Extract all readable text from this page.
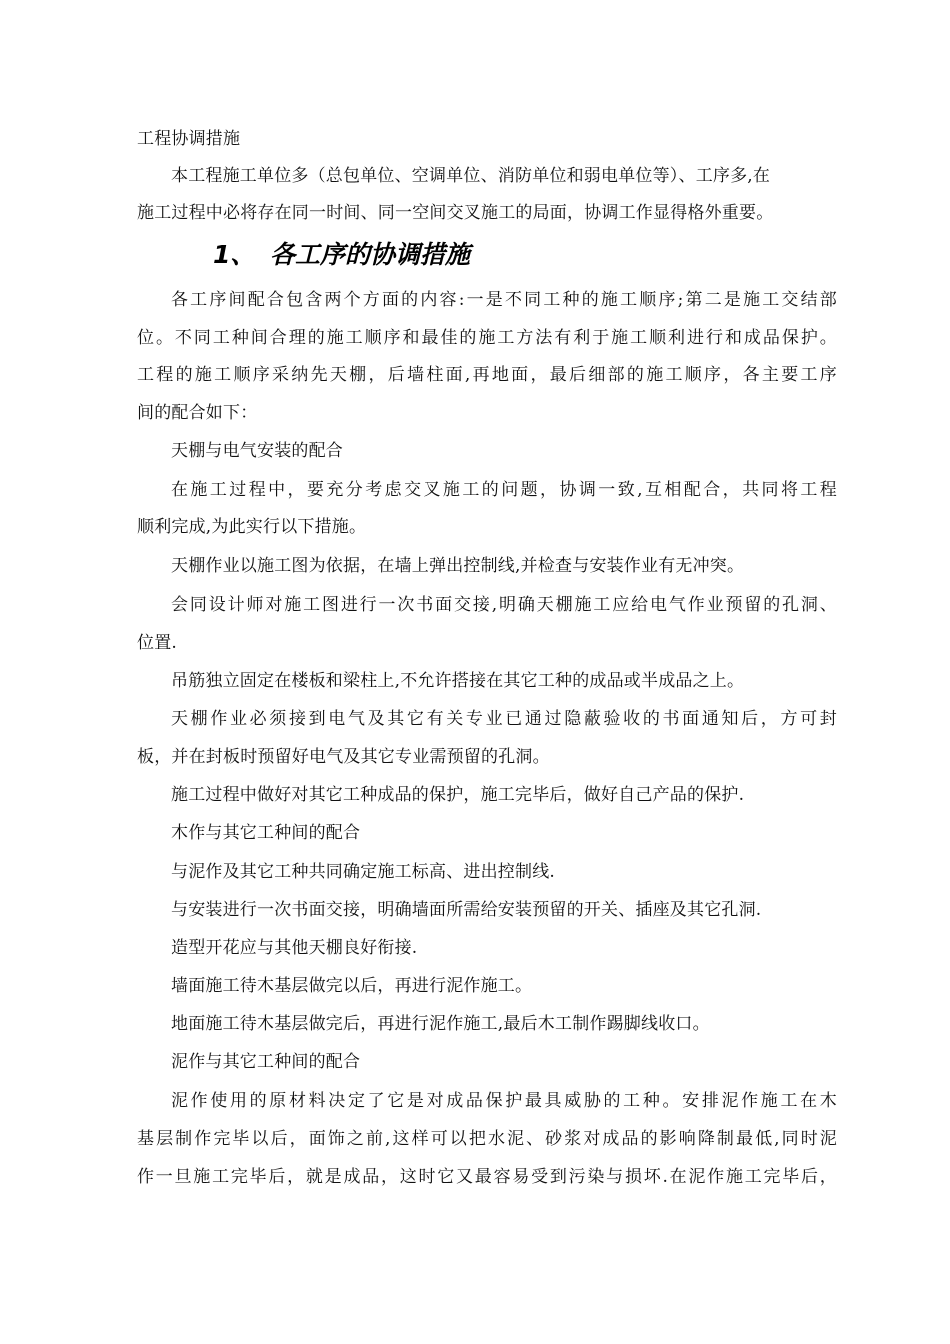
工程协调措施
本工程施工单位多（总包单位、空调单位、消防单位和弱电单位等）、工序多,在
施工过程中必将存在同一时间、同一空间交叉施工的局面，协调工作显得格外重要。
1、 各工序的协调措施
各工序间配合包含两个方面的内容:一是不同工种的施工顺序;第二是施工交结部
位。不同工种间合理的施工顺序和最佳的施工方法有利于施工顺利进行和成品保护。
工程的施工顺序采纳先天棚，后墙柱面,再地面，最后细部的施工顺序，各主要工序
间的配合如下：
天棚与电气安装的配合
在施工过程中，要充分考虑交叉施工的问题，协调一致,互相配合，共同将工程
顺利完成,为此实行以下措施。
天棚作业以施工图为依据，在墙上弹出控制线,并检查与安装作业有无冲突。
会同设计师对施工图进行一次书面交接,明确天棚施工应给电气作业预留的孔洞、
位置.
吊筋独立固定在楼板和梁柱上,不允许搭接在其它工种的成品或半成品之上。
天棚作业必须接到电气及其它有关专业已通过隐蔽验收的书面通知后，方可封
板，并在封板时预留好电气及其它专业需预留的孔洞。
施工过程中做好对其它工种成品的保护，施工完毕后，做好自己产品的保护.
木作与其它工种间的配合
与泥作及其它工种共同确定施工标高、进出控制线.
与安装进行一次书面交接，明确墙面所需给安装预留的开关、插座及其它孔洞.
造型开花应与其他天棚良好衔接.
墙面施工待木基层做完以后，再进行泥作施工。
地面施工待木基层做完后，再进行泥作施工,最后木工制作踢脚线收口。
泥作与其它工种间的配合
泥作使用的原材料决定了它是对成品保护最具威胁的工种。安排泥作施工在木
基层制作完毕以后，面饰之前,这样可以把水泥、砂浆对成品的影响降制最低,同时泥
作一旦施工完毕后，就是成品，这时它又最容易受到污染与损坏.在泥作施工完毕后，
